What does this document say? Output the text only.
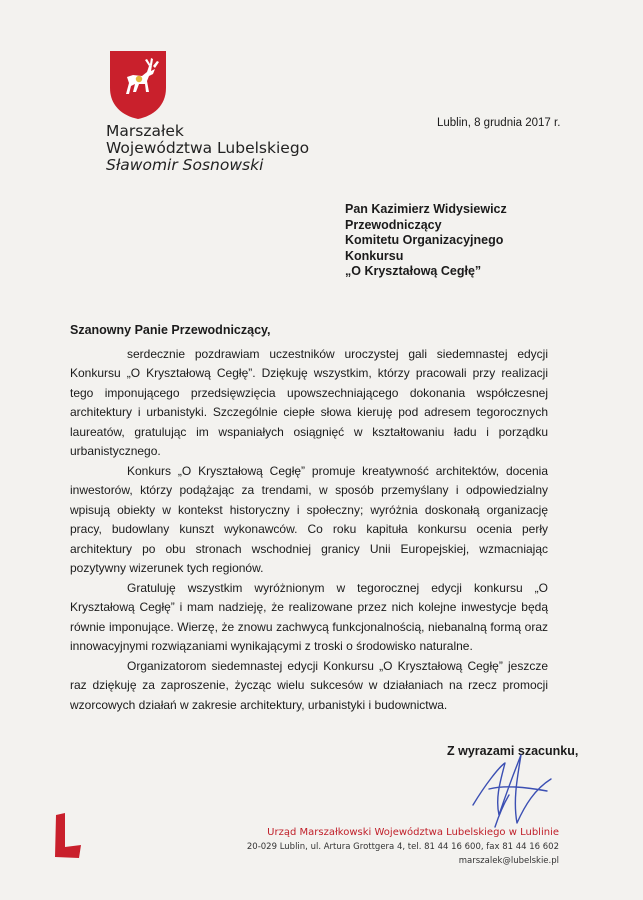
Marszałek
Województwa Lubelskiego
Sławomir Sosnowski
Lublin, 8 grudnia 2017 r.
Pan Kazimierz Widysiewicz
Przewodniczący
Komitetu Organizacyjnego
Konkursu
„O Kryształową Cegłę”
Szanowny Panie Przewodniczący,

serdecznie pozdrawiam uczestników uroczystej gali siedemnastej edycji Konkursu „O Kryształową Cegłę”. Dziękuję wszystkim, którzy pracowali przy realizacji tego imponującego przedsięwzięcia upowszechniającego dokonania współczesnej architektury i urbanistyki. Szczególnie ciepłe słowa kieruję pod adresem tegorocznych laureatów, gratulując im wspaniałych osiągnięć w kształtowaniu ładu i porządku urbanistycznego.

Konkurs „O Kryształową Cegłę” promuje kreatywność architektów, docenia inwestorów, którzy podążając za trendami, w sposób przemyślany i odpowiedzialny wpisują obiekty w kontekst historyczny i społeczny; wyróżnia doskonałą organizację pracy, budowlany kunszt wykonawców. Co roku kapituła konkursu ocenia perły architektury po obu stronach wschodniej granicy Unii Europejskiej, wzmacniając pozytywny wizerunek tych regionów.

Gratuluję wszystkim wyróżnionym w tegorocznej edycji konkursu „O Kryształową Cegłę” i mam nadzieję, że realizowane przez nich kolejne inwestycje będą równie imponujące. Wierzę, że znowu zachwycą funkcjonalnością, niebanalną formą oraz innowacyjnymi rozwiązaniami wynikającymi z troski o środowisko naturalne.

Organizatorom siedemnastej edycji Konkursu „O Kryształową Cegłę” jeszcze raz dziękuję za zaproszenie, życząc wielu sukcesów w działaniach na rzecz promocji wzorcowych działań w zakresie architektury, urbanistyki i budownictwa.

Z wyrazami szacunku,
Urząd Marszałkowski Województwa Lubelskiego w Lublinie
20-029 Lublin, ul. Artura Grottgera 4, tel. 81 44 16 600, fax 81 44 16 602
marszalek@lubelskie.pl
